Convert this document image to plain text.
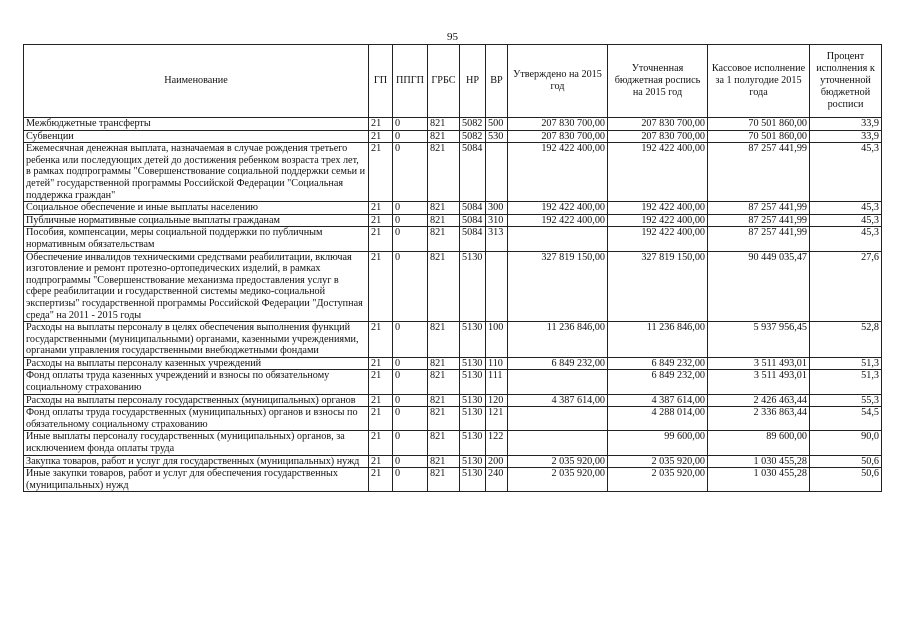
95
Наименование	ГП	ППГП	ГРБС	НР	ВР	Утверждено на 2015 год	Уточненная бюджетная роспись на 2015 год	Кассовое исполнение за 1 полугодие 2015 года	Процент исполнения к уточненной бюджетной росписи
Межбюджетные трансферты	21	0	821	5082	500	207 830 700,00	207 830 700,00	70 501 860,00	33,9
Субвенции	21	0	821	5082	530	207 830 700,00	207 830 700,00	70 501 860,00	33,9
Ежемесячная денежная выплата, назначаемая в случае рождения третьего ребенка или последующих детей до достижения ребенком возраста трех лет, в рамках подпрограммы "Совершенствование социальной поддержки семьи и детей" государственной программы Российской Федерации "Социальная поддержка граждан"	21	0	821	5084		192 422 400,00	192 422 400,00	87 257 441,99	45,3
Социальное обеспечение и иные выплаты населению	21	0	821	5084	300	192 422 400,00	192 422 400,00	87 257 441,99	45,3
Публичные нормативные социальные выплаты гражданам	21	0	821	5084	310	192 422 400,00	192 422 400,00	87 257 441,99	45,3
Пособия, компенсации, меры социальной поддержки по публичным нормативным обязательствам	21	0	821	5084	313		192 422 400,00	87 257 441,99	45,3
Обеспечение инвалидов техническими средствами реабилитации, включая изготовление и ремонт протезно-ортопедических изделий, в рамках подпрограммы "Совершенствование механизма предоставления услуг в сфере реабилитации и государственной системы медико-социальной экспертизы" государственной программы Российской Федерации "Доступная среда" на 2011 - 2015 годы	21	0	821	5130		327 819 150,00	327 819 150,00	90 449 035,47	27,6
Расходы на выплаты персоналу в целях обеспечения выполнения функций государственными (муниципальными) органами, казенными учреждениями, органами управления государственными внебюджетными фондами	21	0	821	5130	100	11 236 846,00	11 236 846,00	5 937 956,45	52,8
Расходы на выплаты персоналу казенных учреждений	21	0	821	5130	110	6 849 232,00	6 849 232,00	3 511 493,01	51,3
Фонд оплаты труда казенных учреждений и взносы по обязательному социальному страхованию	21	0	821	5130	111		6 849 232,00	3 511 493,01	51,3
Расходы на выплаты персоналу государственных (муниципальных) органов	21	0	821	5130	120	4 387 614,00	4 387 614,00	2 426 463,44	55,3
Фонд оплаты труда государственных (муниципальных) органов и взносы по обязательному социальному страхованию	21	0	821	5130	121		4 288 014,00	2 336 863,44	54,5
Иные выплаты персоналу государственных (муниципальных) органов, за исключением фонда оплаты труда	21	0	821	5130	122		99 600,00	89 600,00	90,0
Закупка товаров, работ и услуг для государственных (муниципальных) нужд	21	0	821	5130	200	2 035 920,00	2 035 920,00	1 030 455,28	50,6
Иные закупки товаров, работ и услуг для обеспечения государственных (муниципальных) нужд	21	0	821	5130	240	2 035 920,00	2 035 920,00	1 030 455,28	50,6
